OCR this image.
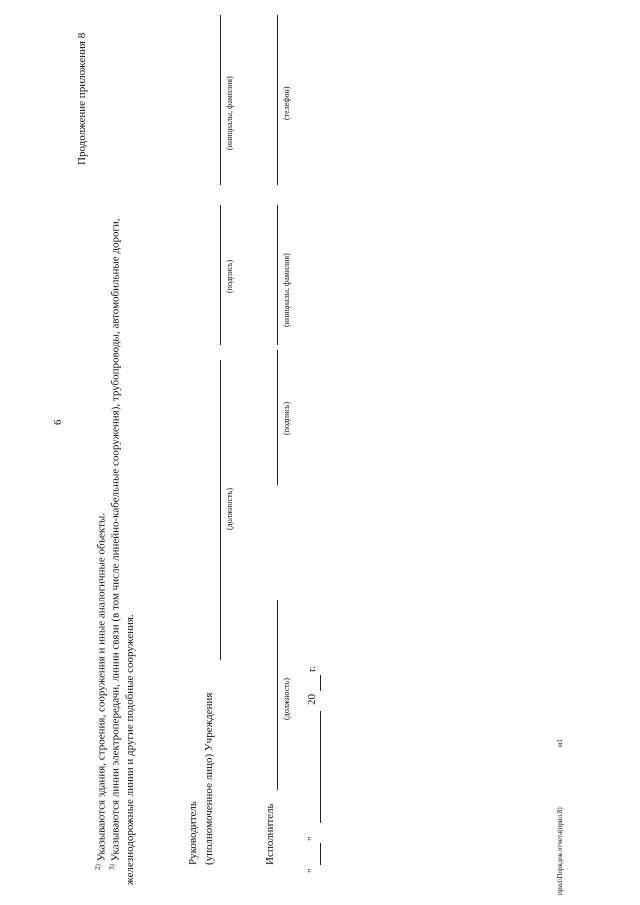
6
Продолжение приложения 8
$^{2)}$ Указываются здания, строения, сооружения и иные аналогичные объекты.
$^{3)}$ Указываются линии электропередачи, линии связи (в том числе линейно-кабельные сооружения), трубопроводы, автомобильные дороги, железнодорожные линии и другие подобные сооружения.	Руководитель (уполномоченное лицо) Учреждения
(должность)
(подпись)
(инициалы, фамилия)
Исполнитель
(должность)
(подпись)
(инициалы, фамилия)
(телефон)
"
"
20
г.
прил\Порядок отчета(прил.8)
м1
